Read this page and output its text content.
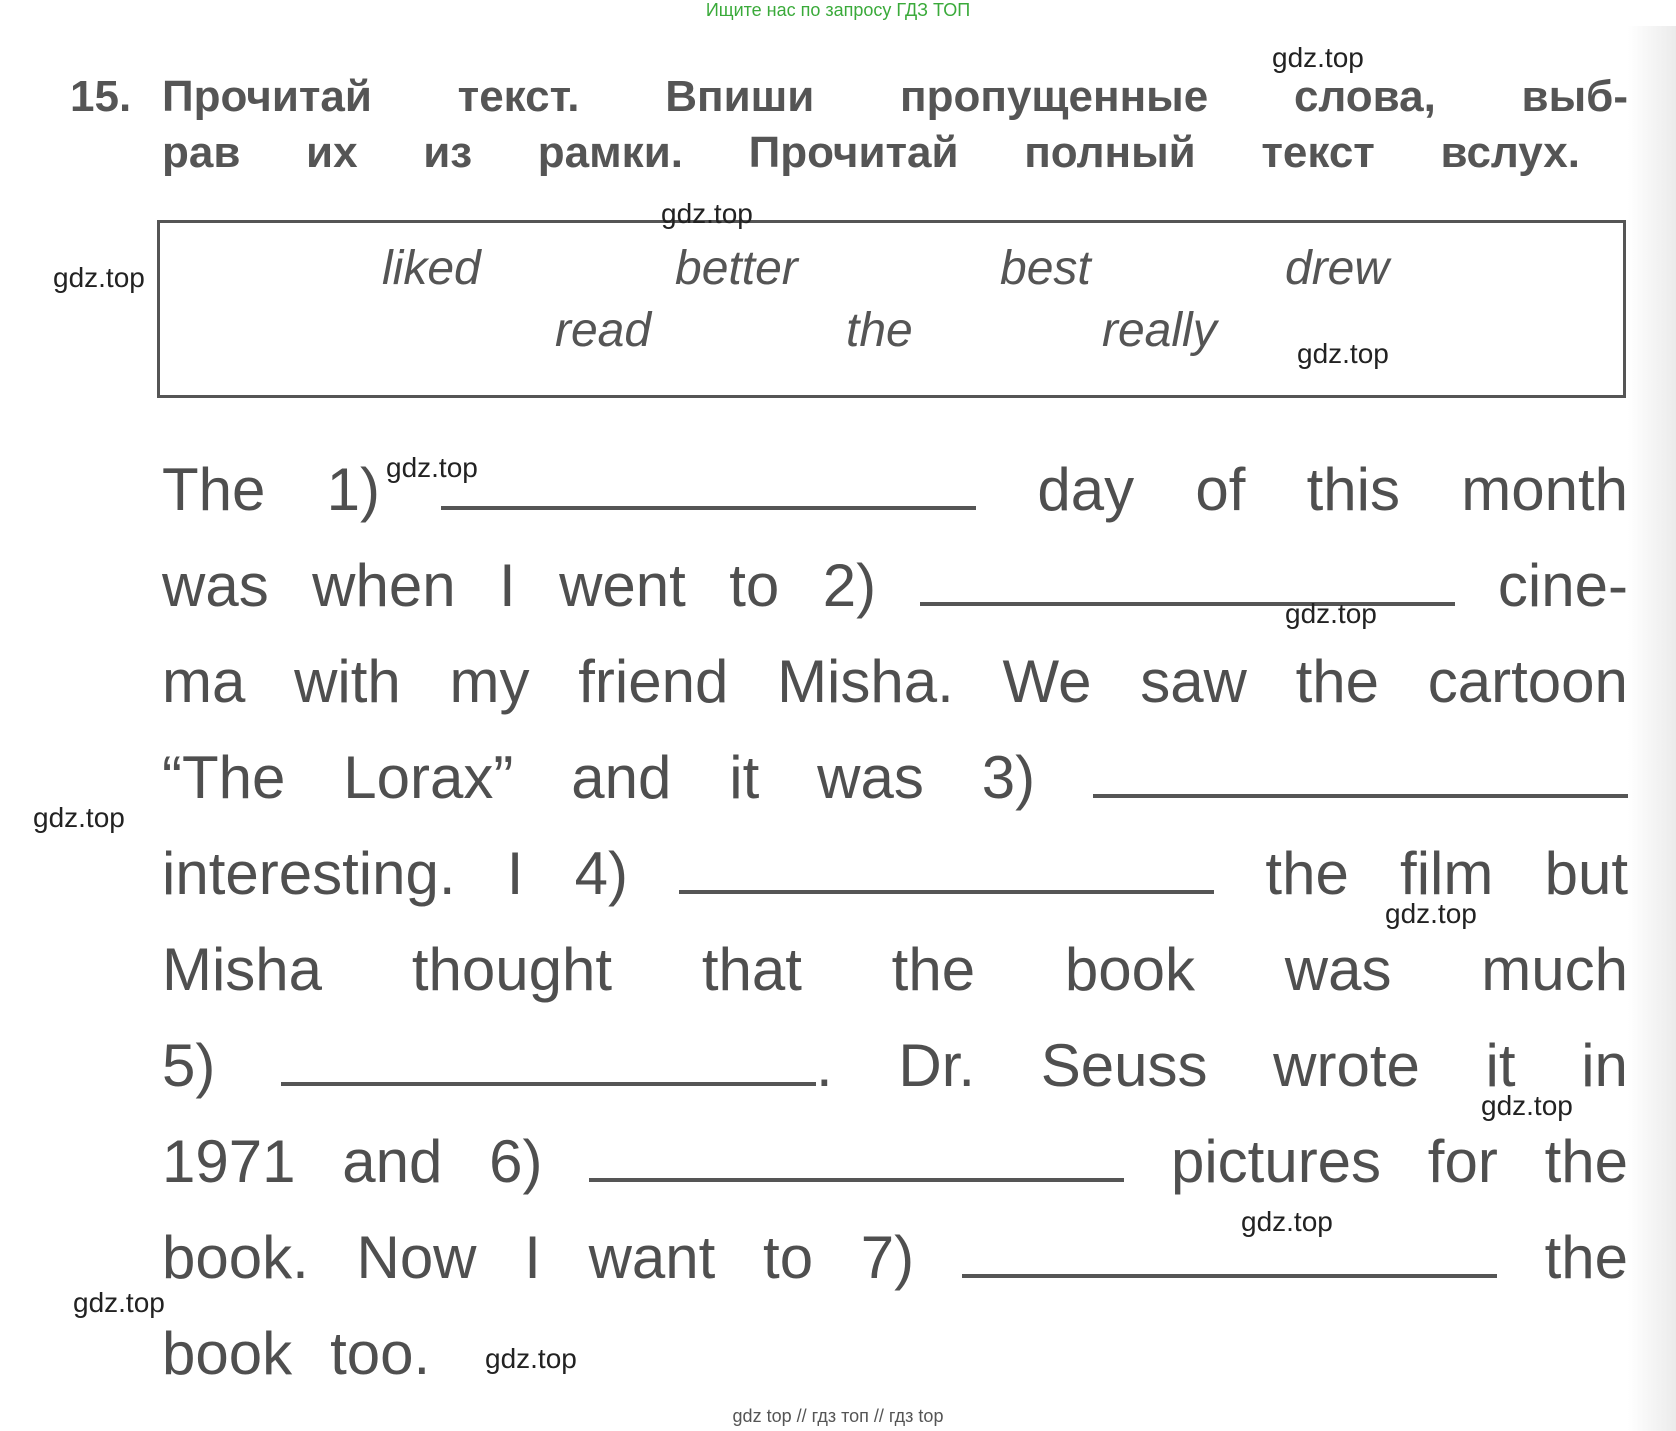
Ищите нас по запросу ГДЗ ТОП
15. Прочитай текст. Впиши пропущенные слова, выб-
рав их из рамки. Прочитай полный текст вслух.
liked	better	best	drew
read	the	really
The 1)	day of this month
was when I went to 2)	cine-
ma with my friend Misha. We saw the cartoon
“The Lorax” and it was 3)
interesting. I 4)	the film but
Misha thought that the book was much
5)	. Dr. Seuss wrote it in
1971 and 6)	pictures for the
book. Now I want to 7)	the
book too.
gdz.top
gdz.top
gdz.top
gdz.top
gdz.top
gdz.top
gdz.top
gdz.top
gdz.top
gdz.top
gdz.top
gdz.top
gdz top // гдз топ // гдз top
